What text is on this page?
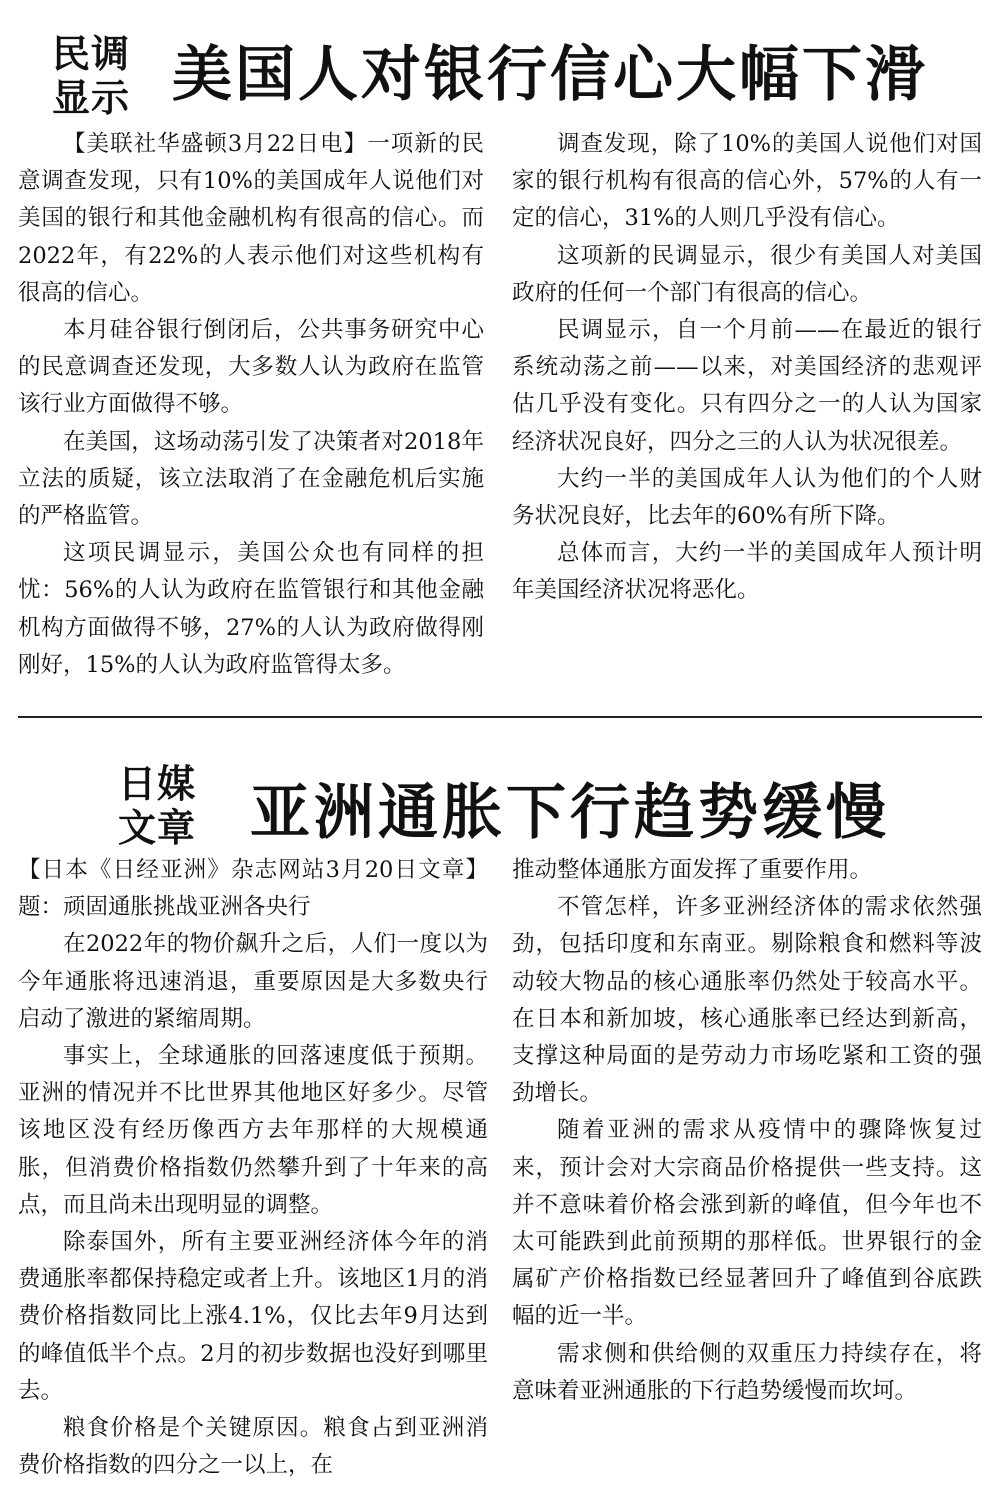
民调
显示 美国人对银行信心大幅下滑

【美联社华盛顿3月22日电】一项新的民意调查发现，只有10%的美国成年人说他们对美国的银行和其他金融机构有很高的信心。而2022年，有22%的人表示他们对这些机构有很高的信心。

本月硅谷银行倒闭后，公共事务研究中心的民意调查还发现，大多数人认为政府在监管该行业方面做得不够。

在美国，这场动荡引发了决策者对2018年立法的质疑，该立法取消了在金融危机后实施的严格监管。

这项民调显示，美国公众也有同样的担忧：56%的人认为政府在监管银行和其他金融机构方面做得不够，27%的人认为政府做得刚刚好，15%的人认为政府监管得太多。

调查发现，除了10%的美国人说他们对国家的银行机构有很高的信心外，57%的人有一定的信心，31%的人则几乎没有信心。

这项新的民调显示，很少有美国人对美国政府的任何一个部门有很高的信心。

民调显示，自一个月前——在最近的银行系统动荡之前——以来，对美国经济的悲观评估几乎没有变化。只有四分之一的人认为国家经济状况良好，四分之三的人认为状况很差。

大约一半的美国成年人认为他们的个人财务状况良好，比去年的60%有所下降。

总体而言，大约一半的美国成年人预计明年美国经济状况将恶化。

日媒
文章 亚洲通胀下行趋势缓慢

【日本《日经亚洲》杂志网站3月20日文章】题：顽固通胀挑战亚洲各央行

在2022年的物价飙升之后，人们一度以为今年通胀将迅速消退，重要原因是大多数央行启动了激进的紧缩周期。

事实上，全球通胀的回落速度低于预期。亚洲的情况并不比世界其他地区好多少。尽管该地区没有经历像西方去年那样的大规模通胀，但消费价格指数仍然攀升到了十年来的高点，而且尚未出现明显的调整。

除泰国外，所有主要亚洲经济体今年的消费通胀率都保持稳定或者上升。该地区1月的消费价格指数同比上涨4.1%，仅比去年9月达到的峰值低半个点。2月的初步数据也没好到哪里去。

粮食价格是个关键原因。粮食占到亚洲消费价格指数的四分之一以上，在

推动整体通胀方面发挥了重要作用。

不管怎样，许多亚洲经济体的需求依然强劲，包括印度和东南亚。剔除粮食和燃料等波动较大物品的核心通胀率仍然处于较高水平。在日本和新加坡，核心通胀率已经达到新高，支撑这种局面的是劳动力市场吃紧和工资的强劲增长。

随着亚洲的需求从疫情中的骤降恢复过来，预计会对大宗商品价格提供一些支持。这并不意味着价格会涨到新的峰值，但今年也不太可能跌到此前预期的那样低。世界银行的金属矿产价格指数已经显著回升了峰值到谷底跌幅的近一半。

需求侧和供给侧的双重压力持续存在，将意味着亚洲通胀的下行趋势缓慢而坎坷。
